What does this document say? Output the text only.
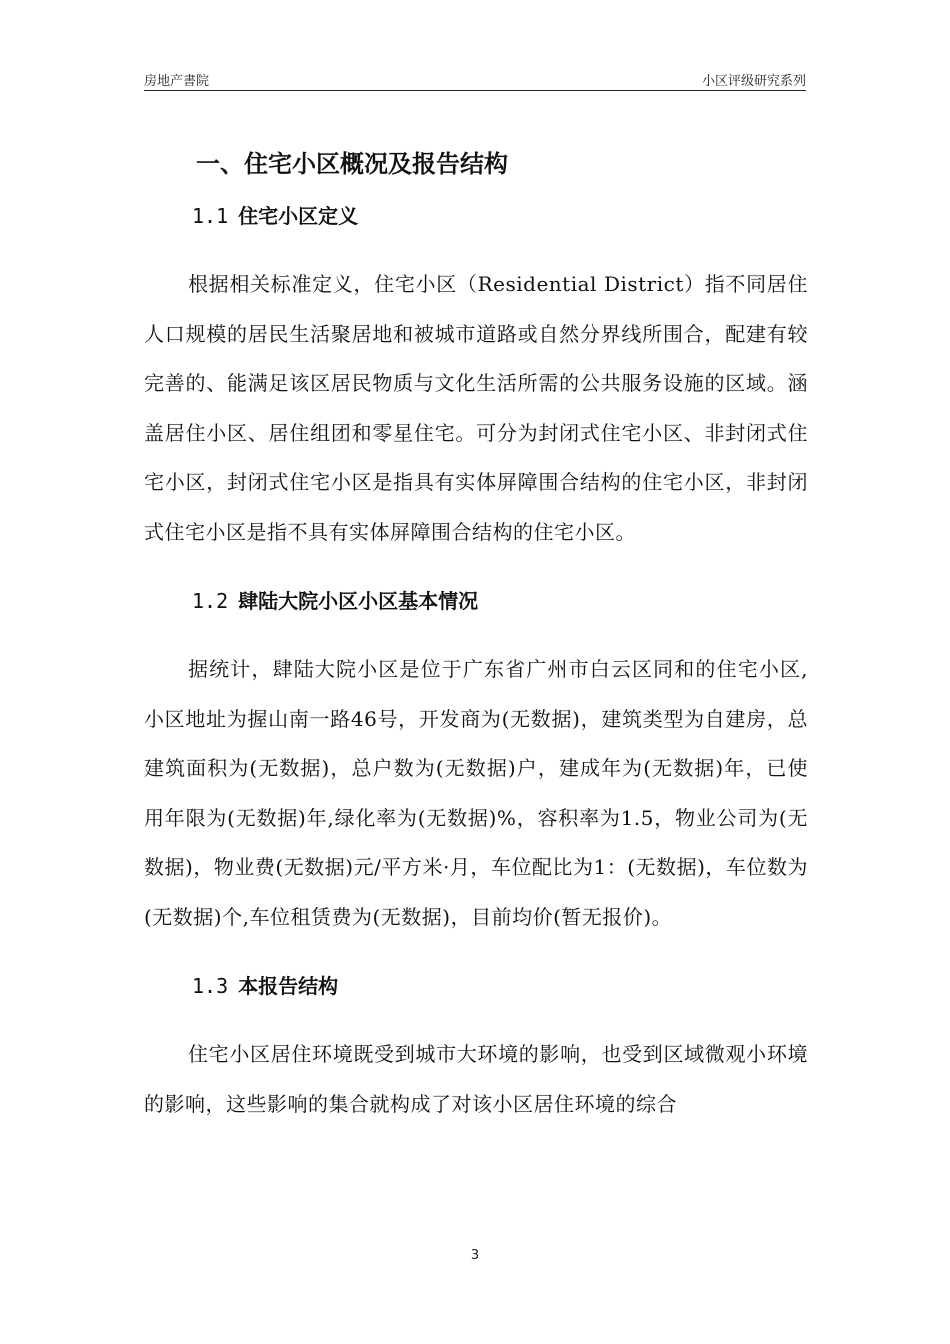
房地产書院	小区评级研究系列
一、住宅小区概况及报告结构
1.1 住宅小区定义

根据相关标准定义，住宅小区（Residential District）指不同居住人口规模的居民生活聚居地和被城市道路或自然分界线所围合，配建有较完善的、能满足该区居民物质与文化生活所需的公共服务设施的区域。涵盖居住小区、居住组团和零星住宅。可分为封闭式住宅小区、非封闭式住宅小区，封闭式住宅小区是指具有实体屏障围合结构的住宅小区，非封闭式住宅小区是指不具有实体屏障围合结构的住宅小区。

1.2 肆陆大院小区小区基本情况

据统计，肆陆大院小区是位于广东省广州市白云区同和的住宅小区,小区地址为握山南一路46号，开发商为(无数据)，建筑类型为自建房，总建筑面积为(无数据)，总户数为(无数据)户，建成年为(无数据)年，已使用年限为(无数据)年,绿化率为(无数据)%，容积率为1.5，物业公司为(无数据)，物业费(无数据)元/平方米·月，车位配比为1：(无数据)，车位数为(无数据)个,车位租赁费为(无数据)，目前均价(暂无报价)。

1.3 本报告结构

住宅小区居住环境既受到城市大环境的影响，也受到区域微观小环境的影响，这些影响的集合就构成了对该小区居住环境的综合

3
